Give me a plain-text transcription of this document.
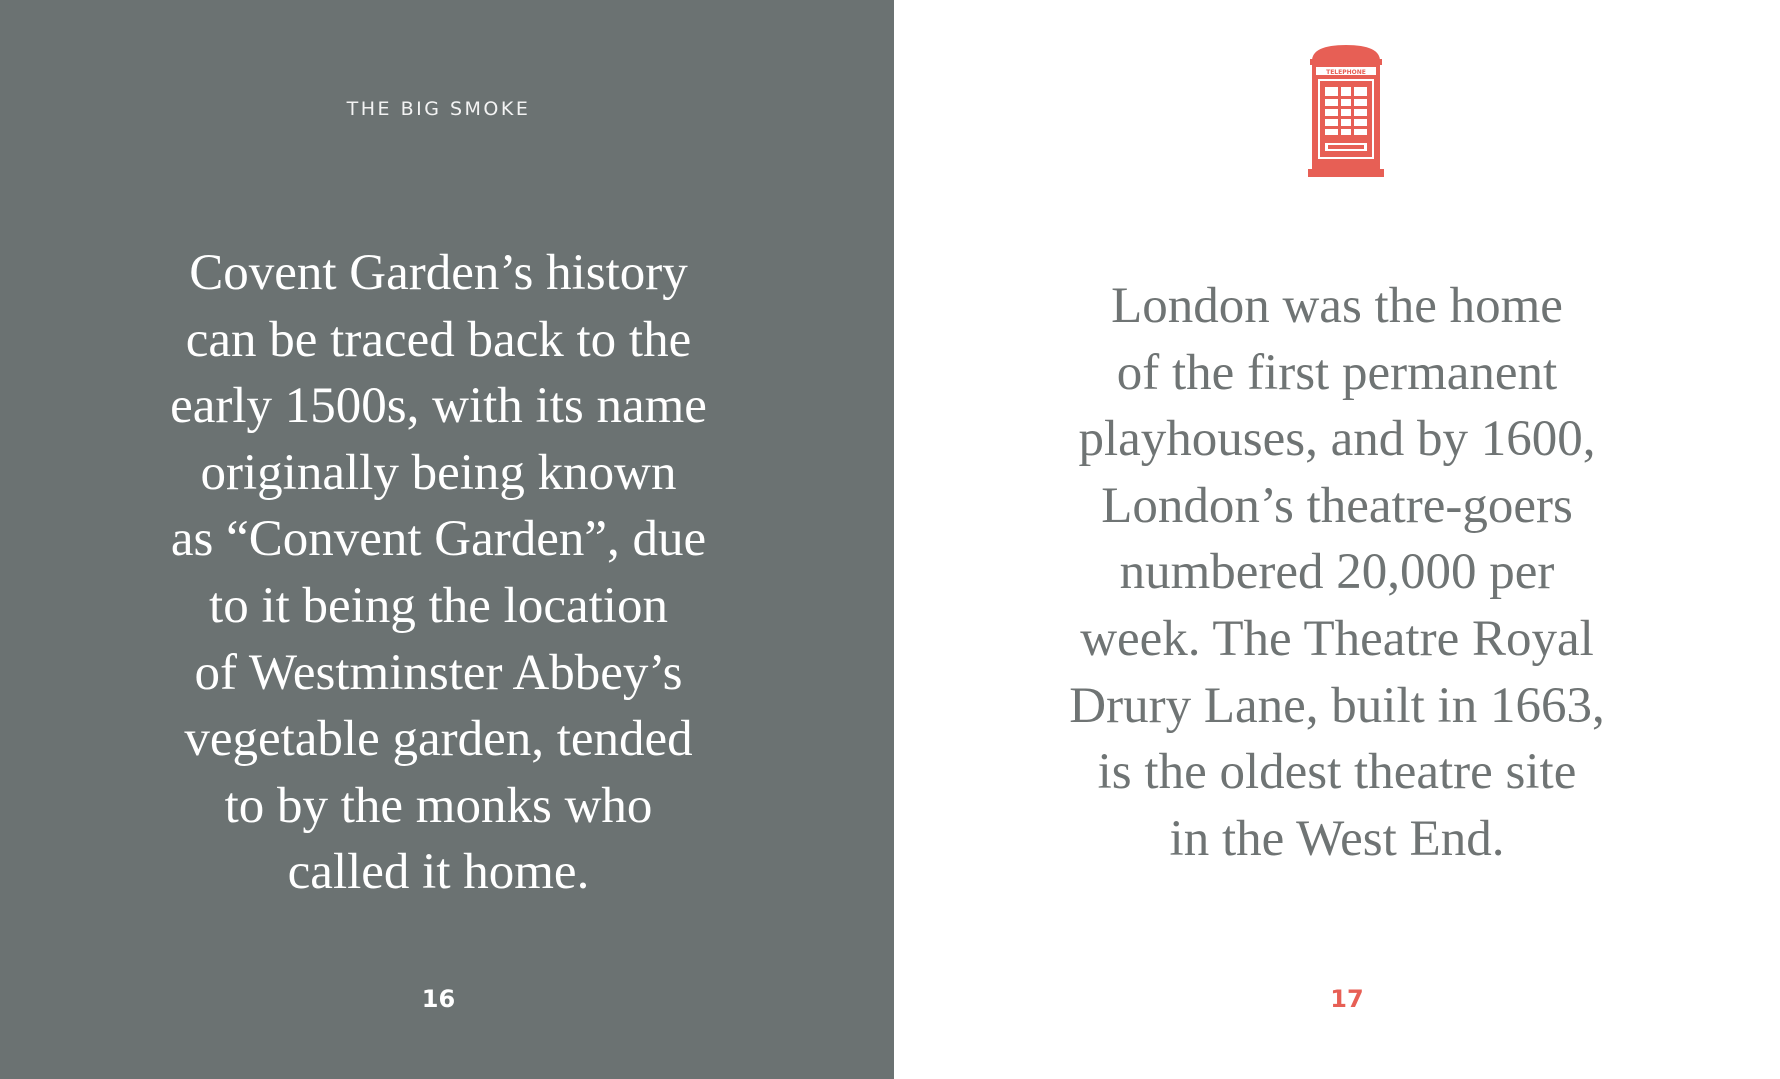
THE BIG SMOKE
Covent Garden’s history
can be traced back to the
early 1500s, with its name
originally being known
as “Convent Garden”, due
to it being the location
of Westminster Abbey’s
vegetable garden, tended
to by the monks who
called it home.
16
TELEPHONE
London was the home
of the first permanent
playhouses, and by 1600,
London’s theatre-goers
numbered 20,000 per
week. The Theatre Royal
Drury Lane, built in 1663,
is the oldest theatre site
in the West End.
17
